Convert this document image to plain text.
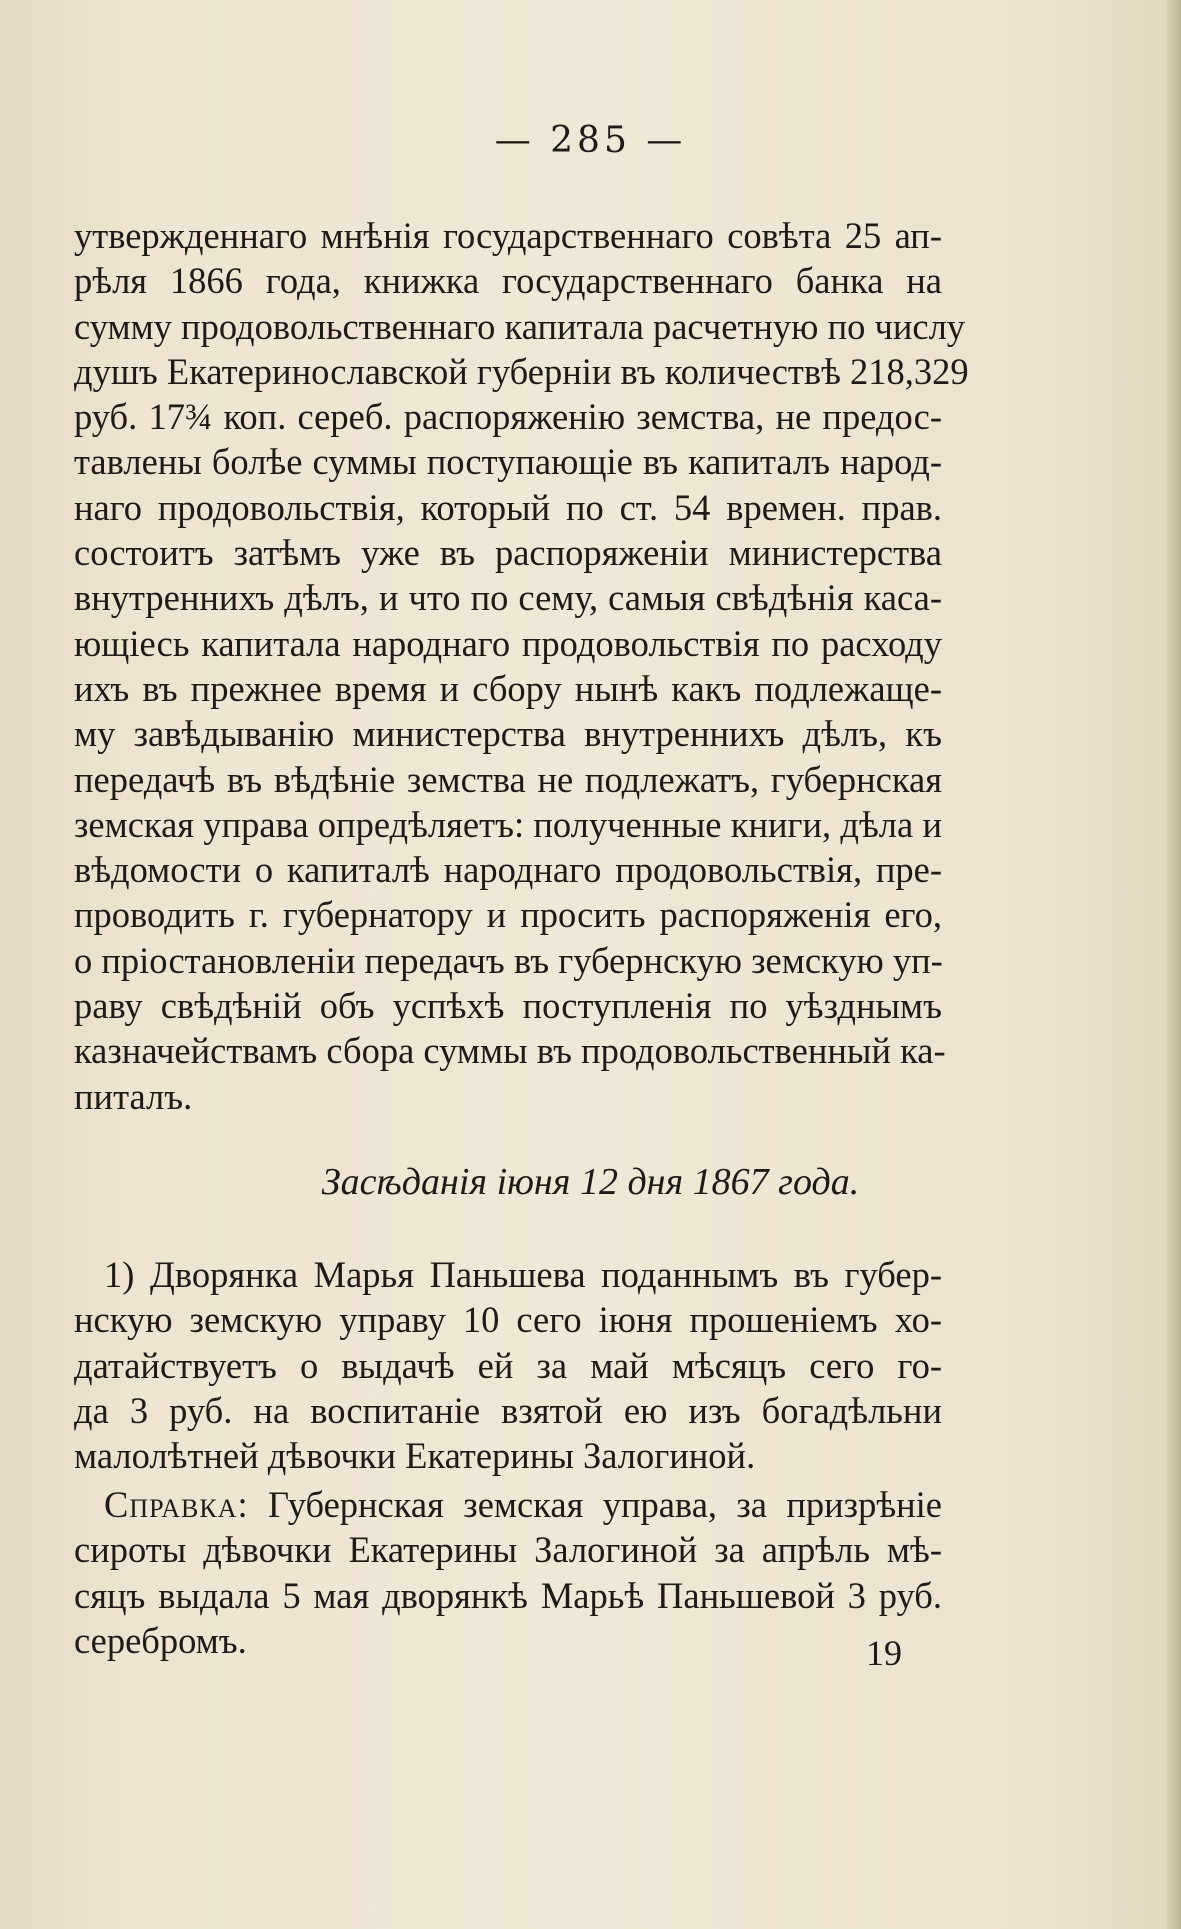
— 285 —
утвержденнаго мнѣнія государственнаго совѣта 25 ап-
рѣля 1866 года, книжка государственнаго банка на
сумму продовольственнаго капитала расчетную по числу
душъ Екатеринославской губерніи въ количествѣ 218,329
руб. 17¾ коп. сереб. распоряженію земства, не предос-
тавлены болѣе суммы поступающіе въ капиталъ народ-
наго продовольствія, который по ст. 54 времен. прав.
состоитъ затѣмъ уже въ распоряженіи министерства
внутреннихъ дѣлъ, и что по сему, самыя свѣдѣнія каса-
ющіесь капитала народнаго продовольствія по расходу
ихъ въ прежнее время и сбору нынѣ какъ подлежаще-
му завѣдыванію министерства внутреннихъ дѣлъ, къ
передачѣ въ вѣдѣніе земства не подлежатъ, губернская
земская управа опредѣляетъ: полученные книги, дѣла и
вѣдомости о капиталѣ народнаго продовольствія, пре-
проводить г. губернатору и просить распоряженія его,
о пріостановленіи передачъ въ губернскую земскую уп-
раву свѣдѣній объ успѣхѣ поступленія по уѣзднымъ
казначействамъ сбора суммы въ продовольственный ка-
питалъ.
Засѣданія іюня 12 дня 1867 года.
1) Дворянка Марья Паньшева поданнымъ въ губер-
нскую земскую управу 10 сего іюня прошеніемъ хо-
датайствуетъ о выдачѣ ей за май мѣсяцъ сего го-
да 3 руб. на воспитаніе взятой ею изъ богадѣльни
малолѣтней дѣвочки Екатерины Залогиной.
Справка: Губернская земская управа, за призрѣніе
сироты дѣвочки Екатерины Залогиной за апрѣль мѣ-
сяцъ выдала 5 мая дворянкѣ Марьѣ Паньшевой 3 руб.
серебромъ.	19
